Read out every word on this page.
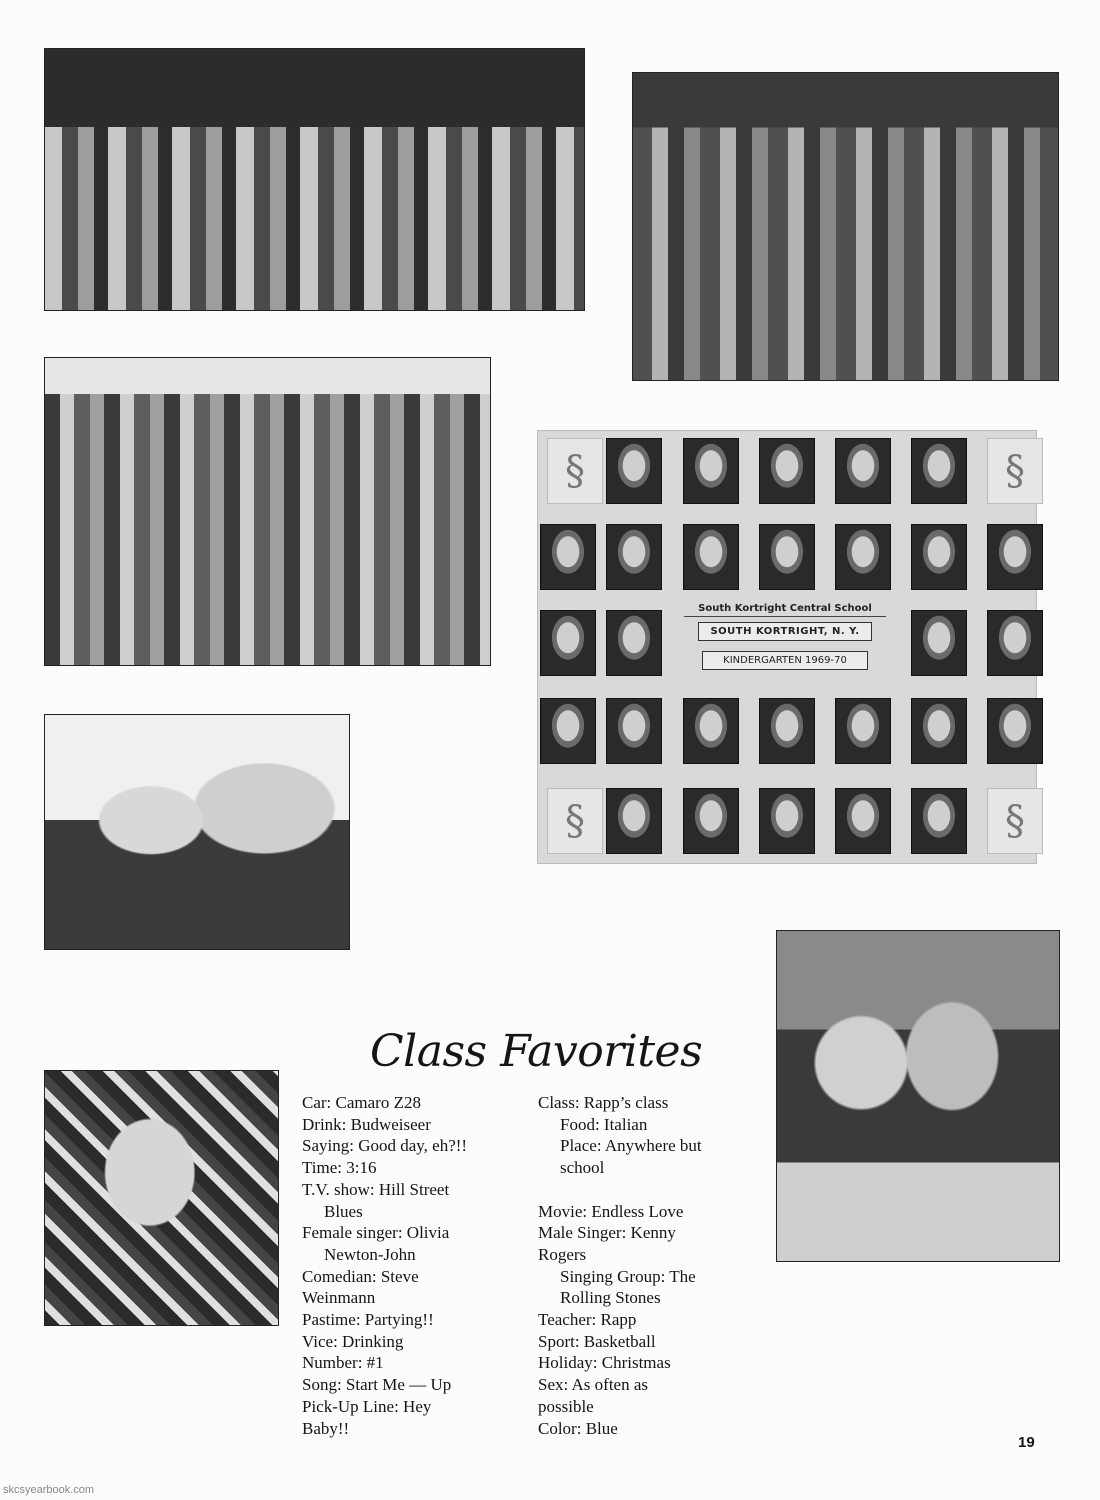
§	§
South Kortright Central School
SOUTH KORTRIGHT, N. Y.
KINDERGARTEN 1969-70
§	§
Class Favorites
Car: Camaro Z28
Drink: Budweiseer
Saying: Good day, eh?!!
Time: 3:16
T.V. show: Hill Street
Blues
Female singer: Olivia
Newton-John
Comedian: Steve
Weinmann
Pastime: Partying!!
Vice: Drinking
Number: #1
Song: Start Me — Up
Pick-Up Line: Hey
Baby!!
Class: Rapp’s class
Food: Italian
Place: Anywhere but
school
Movie: Endless Love
Male Singer: Kenny
Rogers
Singing Group: The
Rolling Stones
Teacher: Rapp
Sport: Basketball
Holiday: Christmas
Sex: As often as
possible
Color: Blue
19
skcsyearbook.com
